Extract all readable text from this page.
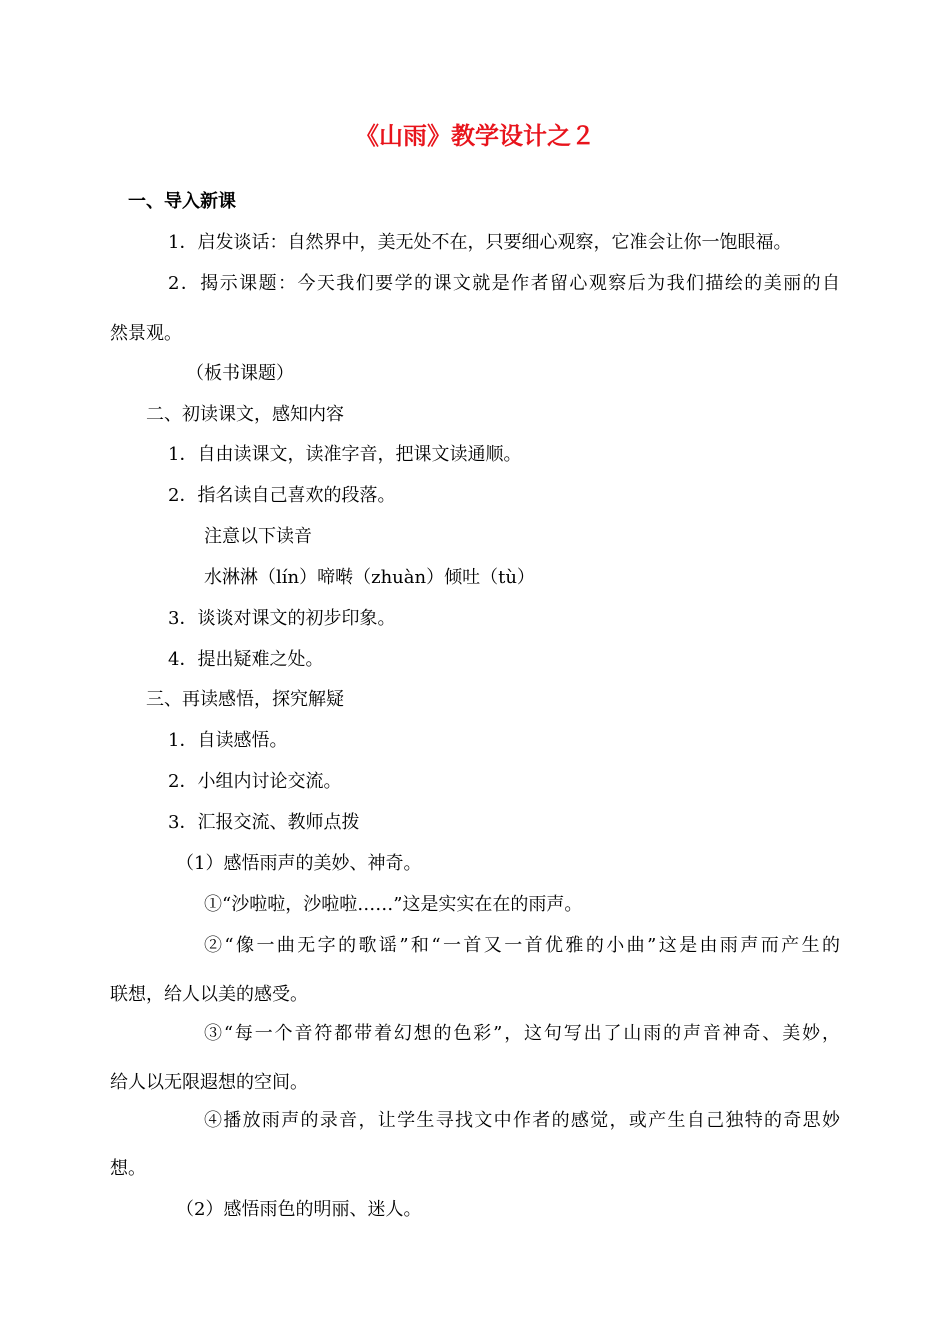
《山雨》教学设计之２
一、导入新课
1．启发谈话：自然界中，美无处不在，只要细心观察，它准会让你一饱眼福。
2．揭示课题：今天我们要学的课文就是作者留心观察后为我们描绘的美丽的自
然景观。
（板书课题）
二、初读课文，感知内容
1．自由读课文，读准字音，把课文读通顺。
2．指名读自己喜欢的段落。
注意以下读音
水淋淋（lín）啼啭（zhuàn）倾吐（tù）
3．谈谈对课文的初步印象。
4．提出疑难之处。
三、再读感悟，探究解疑
1．自读感悟。
2．小组内讨论交流。
3．汇报交流、教师点拨
（1）感悟雨声的美妙、神奇。
①“沙啦啦，沙啦啦……”这是实实在在的雨声。
②“像一曲无字的歌谣”和“一首又一首优雅的小曲”这是由雨声而产生的
联想，给人以美的感受。
③“每一个音符都带着幻想的色彩”，这句写出了山雨的声音神奇、美妙，
给人以无限遐想的空间。
④播放雨声的录音，让学生寻找文中作者的感觉，或产生自己独特的奇思妙
想。
（2）感悟雨色的明丽、迷人。
